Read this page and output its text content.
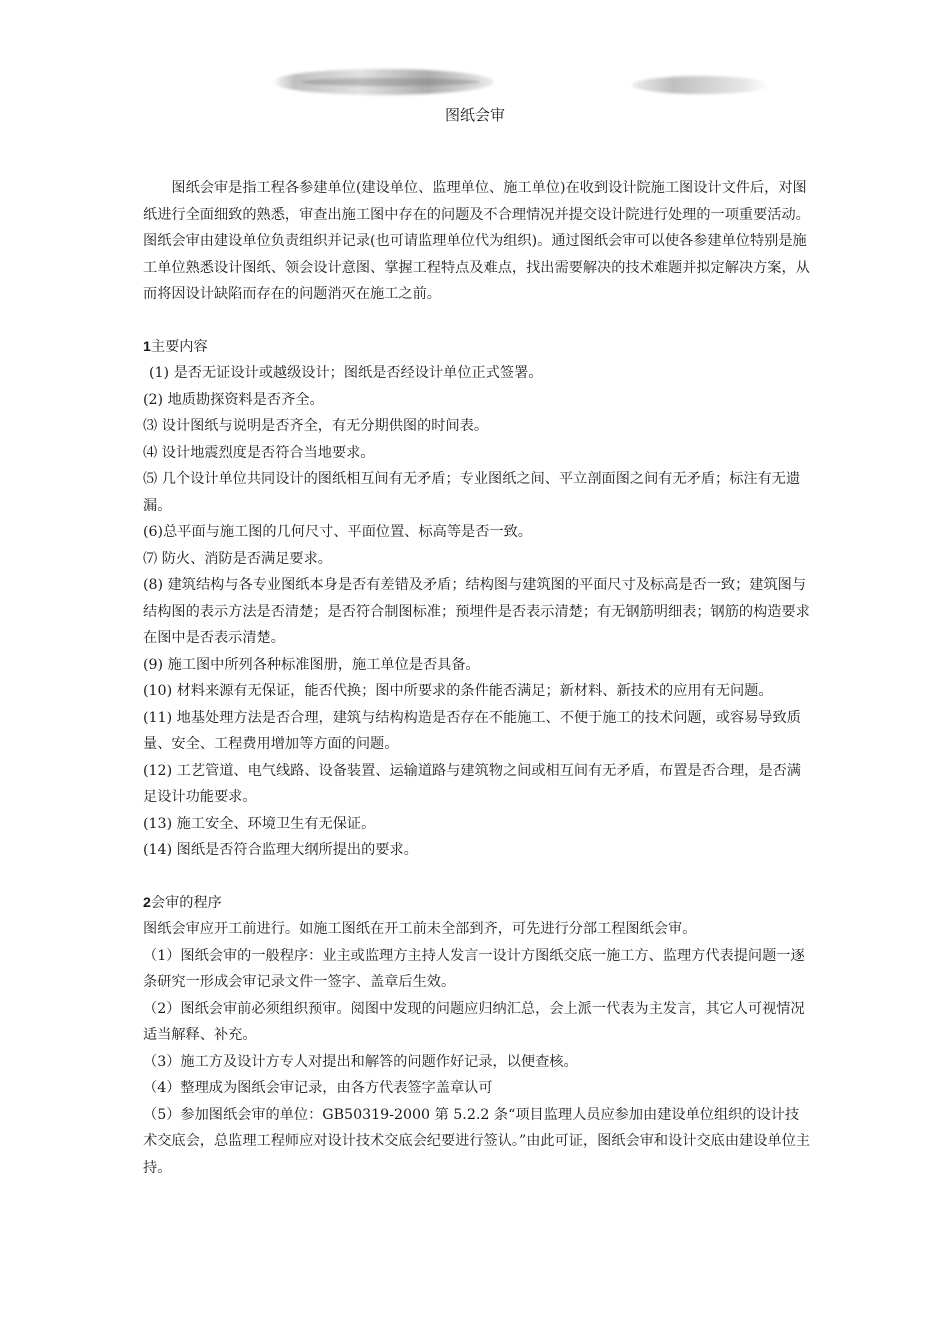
图纸会审

图纸会审是指工程各参建单位(建设单位、监理单位、施工单位)在收到设计院施工图设计文件后，对图纸进行全面细致的熟悉，审查出施工图中存在的问题及不合理情况并提交设计院进行处理的一项重要活动。图纸会审由建设单位负责组织并记录(也可请监理单位代为组织)。通过图纸会审可以使各参建单位特别是施工单位熟悉设计图纸、领会设计意图、掌握工程特点及难点，找出需要解决的技术难题并拟定解决方案，从而将因设计缺陷而存在的问题消灭在施工之前。

1主要内容

(1) 是否无证设计或越级设计；图纸是否经设计单位正式签署。

(2) 地质勘探资料是否齐全。

⑶ 设计图纸与说明是否齐全，有无分期供图的时间表。

⑷ 设计地震烈度是否符合当地要求。

⑸ 几个设计单位共同设计的图纸相互间有无矛盾；专业图纸之间、平立剖面图之间有无矛盾；标注有无遗漏。

(6)总平面与施工图的几何尺寸、平面位置、标高等是否一致。

⑺ 防火、消防是否满足要求。

(8) 建筑结构与各专业图纸本身是否有差错及矛盾；结构图与建筑图的平面尺寸及标高是否一致；建筑图与结构图的表示方法是否清楚；是否符合制图标准；预埋件是否表示清楚；有无钢筋明细表；钢筋的构造要求在图中是否表示清楚。

(9) 施工图中所列各种标准图册，施工单位是否具备。

(10) 材料来源有无保证，能否代换；图中所要求的条件能否满足；新材料、新技术的应用有无问题。

(11) 地基处理方法是否合理，建筑与结构构造是否存在不能施工、不便于施工的技术问题，或容易导致质量、安全、工程费用增加等方面的问题。

(12) 工艺管道、电气线路、设备装置、运输道路与建筑物之间或相互间有无矛盾，布置是否合理，是否满足设计功能要求。

(13) 施工安全、环境卫生有无保证。

(14) 图纸是否符合监理大纲所提出的要求。

2会审的程序

图纸会审应开工前进行。如施工图纸在开工前未全部到齐，可先进行分部工程图纸会审。

（1）图纸会审的一般程序：业主或监理方主持人发言一设计方图纸交底一施工方、监理方代表提问题一逐条研究一形成会审记录文件一签字、盖章后生效。

（2）图纸会审前必须组织预审。阅图中发现的问题应归纳汇总，会上派一代表为主发言，其它人可视情况适当解释、补充。

（3）施工方及设计方专人对提出和解答的问题作好记录，以便查核。

（4）整理成为图纸会审记录，由各方代表签字盖章认可

（5）参加图纸会审的单位：GB50319-2000 第 5.2.2 条“项目监理人员应参加由建设单位组织的设计技术交底会，总监理工程师应对设计技术交底会纪要进行签认。”由此可证，图纸会审和设计交底由建设单位主持。
